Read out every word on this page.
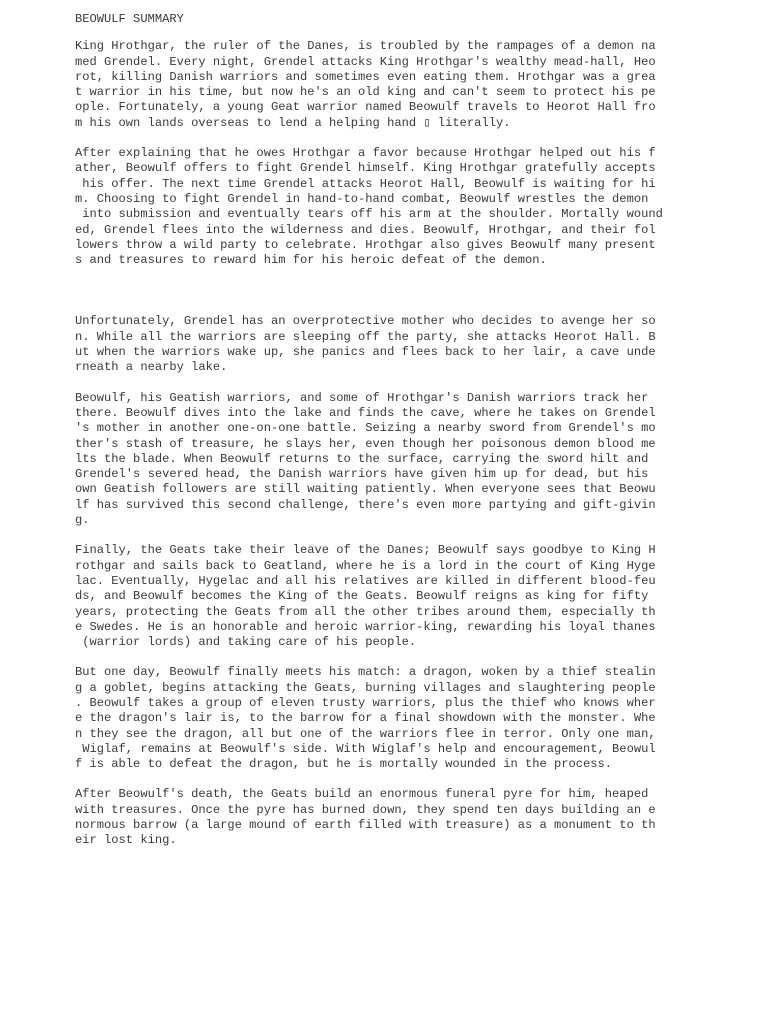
BEOWULF SUMMARY
King Hrothgar, the ruler of the Danes, is troubled by the rampages of a demon na
med Grendel. Every night, Grendel attacks King Hrothgar's wealthy mead-hall, Heo
rot, killing Danish warriors and sometimes even eating them. Hrothgar was a grea
t warrior in his time, but now he's an old king and can't seem to protect his pe
ople. Fortunately, a young Geat warrior named Beowulf travels to Heorot Hall fro
m his own lands overseas to lend a helping hand ▯ literally.
After explaining that he owes Hrothgar a favor because Hrothgar helped out his f
ather, Beowulf offers to fight Grendel himself. King Hrothgar gratefully accepts
his offer. The next time Grendel attacks Heorot Hall, Beowulf is waiting for hi
m. Choosing to fight Grendel in hand-to-hand combat, Beowulf wrestles the demon
into submission and eventually tears off his arm at the shoulder. Mortally wound
ed, Grendel flees into the wilderness and dies. Beowulf, Hrothgar, and their fol
lowers throw a wild party to celebrate. Hrothgar also gives Beowulf many present
s and treasures to reward him for his heroic defeat of the demon.
Unfortunately, Grendel has an overprotective mother who decides to avenge her so
n. While all the warriors are sleeping off the party, she attacks Heorot Hall. B
ut when the warriors wake up, she panics and flees back to her lair, a cave unde
rneath a nearby lake.
Beowulf, his Geatish warriors, and some of Hrothgar's Danish warriors track her
there. Beowulf dives into the lake and finds the cave, where he takes on Grendel
's mother in another one-on-one battle. Seizing a nearby sword from Grendel's mo
ther's stash of treasure, he slays her, even though her poisonous demon blood me
lts the blade. When Beowulf returns to the surface, carrying the sword hilt and
Grendel's severed head, the Danish warriors have given him up for dead, but his
own Geatish followers are still waiting patiently. When everyone sees that Beowu
lf has survived this second challenge, there's even more partying and gift-givin
g.
Finally, the Geats take their leave of the Danes; Beowulf says goodbye to King H
rothgar and sails back to Geatland, where he is a lord in the court of King Hyge
lac. Eventually, Hygelac and all his relatives are killed in different blood-feu
ds, and Beowulf becomes the King of the Geats. Beowulf reigns as king for fifty
years, protecting the Geats from all the other tribes around them, especially th
e Swedes. He is an honorable and heroic warrior-king, rewarding his loyal thanes
(warrior lords) and taking care of his people.
But one day, Beowulf finally meets his match: a dragon, woken by a thief stealin
g a goblet, begins attacking the Geats, burning villages and slaughtering people
. Beowulf takes a group of eleven trusty warriors, plus the thief who knows wher
e the dragon's lair is, to the barrow for a final showdown with the monster. Whe
n they see the dragon, all but one of the warriors flee in terror. Only one man,
Wiglaf, remains at Beowulf's side. With Wiglaf's help and encouragement, Beowul
f is able to defeat the dragon, but he is mortally wounded in the process.
After Beowulf's death, the Geats build an enormous funeral pyre for him, heaped
with treasures. Once the pyre has burned down, they spend ten days building an e
normous barrow (a large mound of earth filled with treasure) as a monument to th
eir lost king.
